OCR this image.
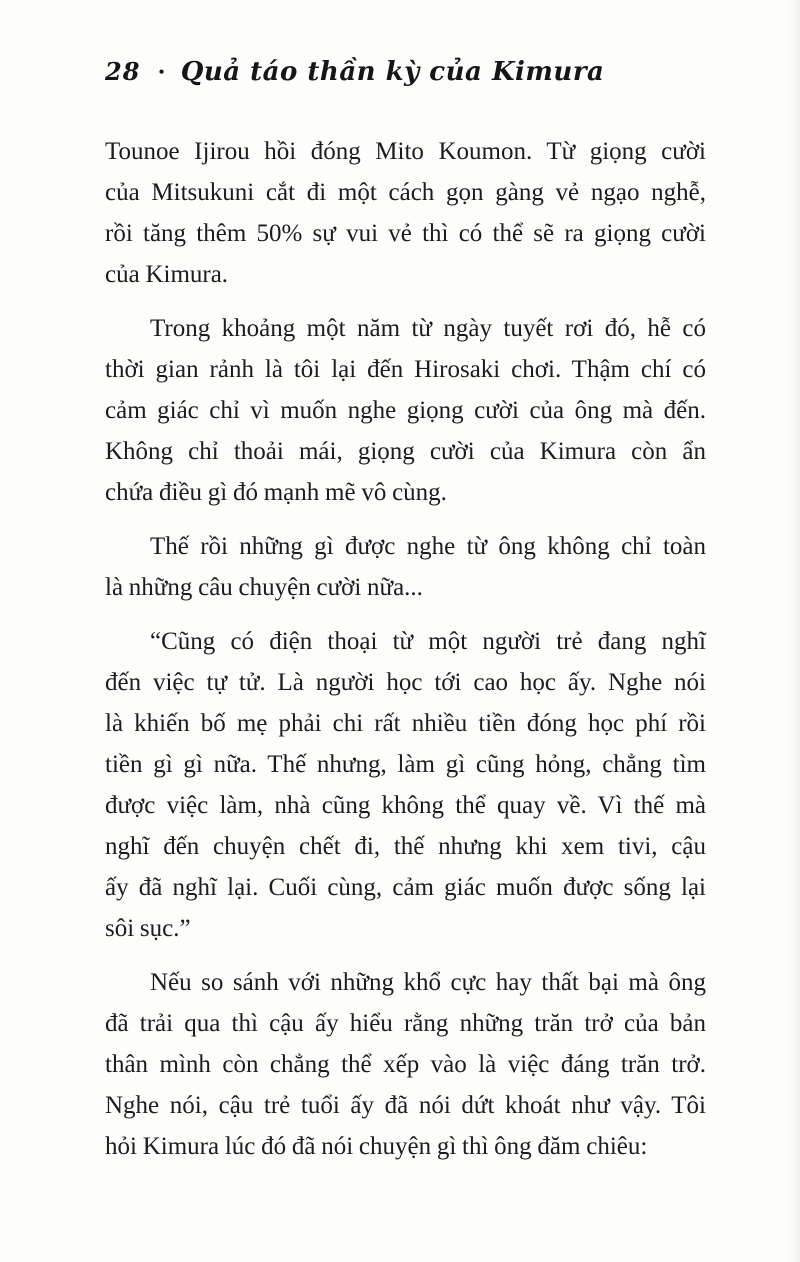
28 • Quả táo thần kỳ của Kimura
Tounoe Ijirou hồi đóng Mito Koumon. Từ giọng cười
của Mitsukuni cắt đi một cách gọn gàng vẻ ngạo nghễ,
rồi tăng thêm 50% sự vui vẻ thì có thể sẽ ra giọng cười
của Kimura.
Trong khoảng một năm từ ngày tuyết rơi đó, hễ có
thời gian rảnh là tôi lại đến Hirosaki chơi. Thậm chí có
cảm giác chỉ vì muốn nghe giọng cười của ông mà đến.
Không chỉ thoải mái, giọng cười của Kimura còn ẩn
chứa điều gì đó mạnh mẽ vô cùng.
Thế rồi những gì được nghe từ ông không chỉ toàn
là những câu chuyện cười nữa...
“Cũng có điện thoại từ một người trẻ đang nghĩ
đến việc tự tử. Là người học tới cao học ấy. Nghe nói
là khiến bố mẹ phải chi rất nhiều tiền đóng học phí rồi
tiền gì gì nữa. Thế nhưng, làm gì cũng hỏng, chẳng tìm
được việc làm, nhà cũng không thể quay về. Vì thế mà
nghĩ đến chuyện chết đi, thế nhưng khi xem tivi, cậu
ấy đã nghĩ lại. Cuối cùng, cảm giác muốn được sống lại
sôi sục.”
Nếu so sánh với những khổ cực hay thất bại mà ông
đã trải qua thì cậu ấy hiểu rằng những trăn trở của bản
thân mình còn chẳng thể xếp vào là việc đáng trăn trở.
Nghe nói, cậu trẻ tuổi ấy đã nói dứt khoát như vậy. Tôi
hỏi Kimura lúc đó đã nói chuyện gì thì ông đăm chiêu:
